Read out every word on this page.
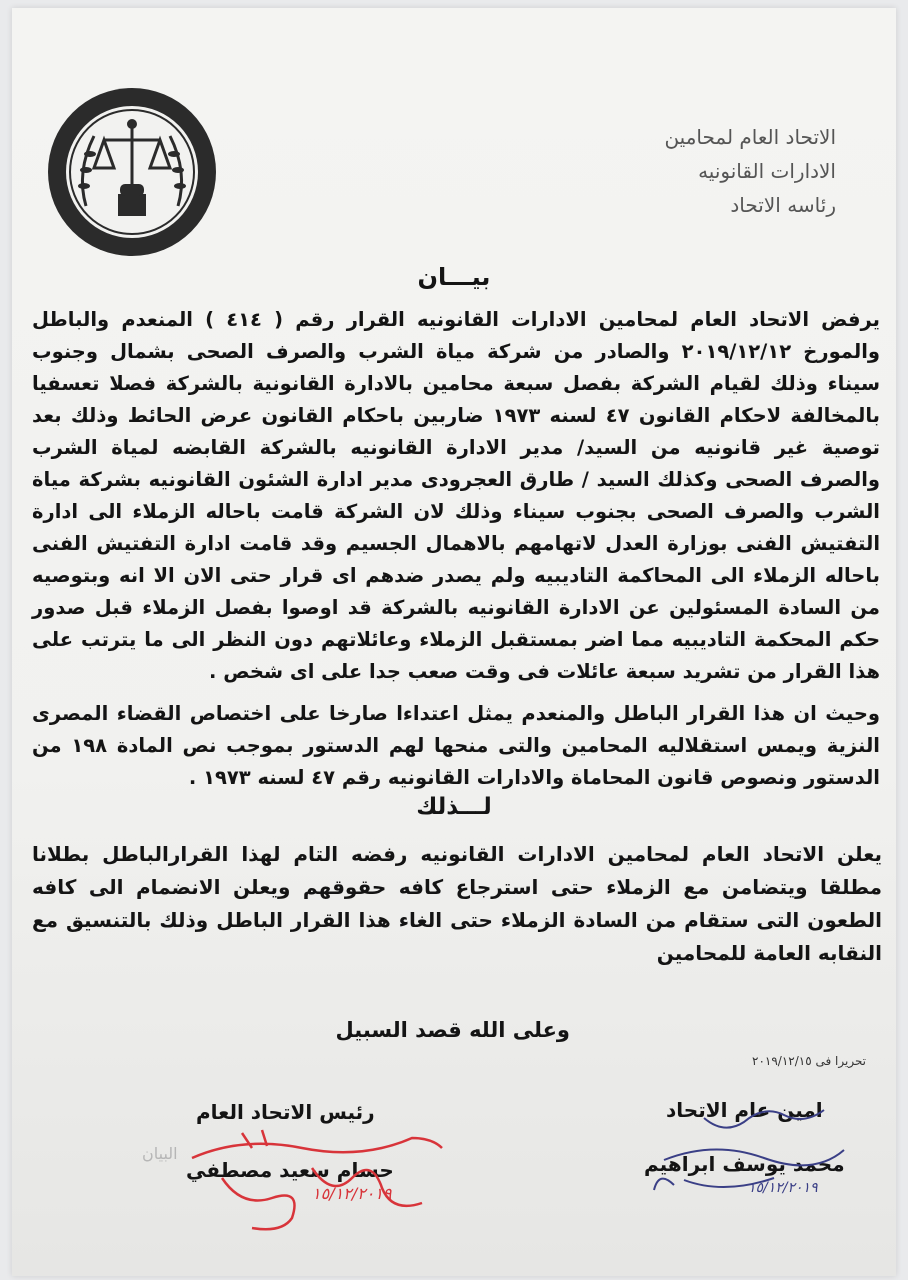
الاتحاد العام لمحامين
الادارات القانونيه
رئاسه الاتحاد
بيـــان

يرفض الاتحاد العام لمحامين الادارات القانونيه القرار رقم ( ٤١٤ ) المنعدم والباطل والمورخ ٢٠١٩/١٢/١٢ والصادر من شركة مياة الشرب والصرف الصحى بشمال وجنوب سيناء وذلك لقيام الشركة بفصل سبعة محامين بالادارة القانونية بالشركة فصلا تعسفيا بالمخالفة لاحكام القانون ٤٧ لسنه ١٩٧٣ ضاربين باحكام القانون عرض الحائط وذلك بعد توصية غير قانونيه من السيد/ مدير الادارة القانونيه بالشركة القابضه لمياة الشرب والصرف الصحى وكذلك السيد / طارق العجرودى مدير ادارة الشئون القانونيه بشركة مياة الشرب والصرف الصحى بجنوب سيناء وذلك لان الشركة قامت باحاله الزملاء الى ادارة التفتيش الفنى بوزارة العدل لاتهامهم بالاهمال الجسيم وقد قامت ادارة التفتيش الفنى باحاله الزملاء الى المحاكمة التاديبيه ولم يصدر ضدهم اى قرار حتى الان الا انه وبتوصيه من السادة المسئولين عن الادارة القانونيه بالشركة قد اوصوا بفصل الزملاء قبل صدور حكم المحكمة التاديبيه مما اضر بمستقبل الزملاء وعائلاتهم دون النظر الى ما يترتب على هذا القرار من تشريد سبعة عائلات فى وقت صعب جدا على اى شخص .

وحيث ان هذا القرار الباطل والمنعدم يمثل اعتداءا صارخا على اختصاص القضاء المصرى النزية ويمس استقلاليه المحامين والتى منحها لهم الدستور بموجب نص المادة ١٩٨ من الدستور ونصوص قانون المحاماة والادارات القانونيه رقم ٤٧ لسنه ١٩٧٣ .

لـــذلك
يعلن الاتحاد العام لمحامين الادارات القانونيه رفضه التام لهذا القرارالباطل بطلانا مطلقا ويتضامن مع الزملاء حتى استرجاع كافه حقوقهم ويعلن الانضمام الى كافه الطعون التى ستقام من السادة الزملاء حتى الغاء هذا القرار الباطل وذلك بالتنسيق مع النقابه العامة للمحامين
وعلى الله قصد السبيل
تحريرا فى ٢٠١٩/١٢/١٥
رئيس الاتحاد العام
حسام سعيد مصطفي
امين عام الاتحاد
محمد يوسف ابراهيم
البيان
١٥/١٢/٢٠١٩	١٥/١٢/٢٠١٩
